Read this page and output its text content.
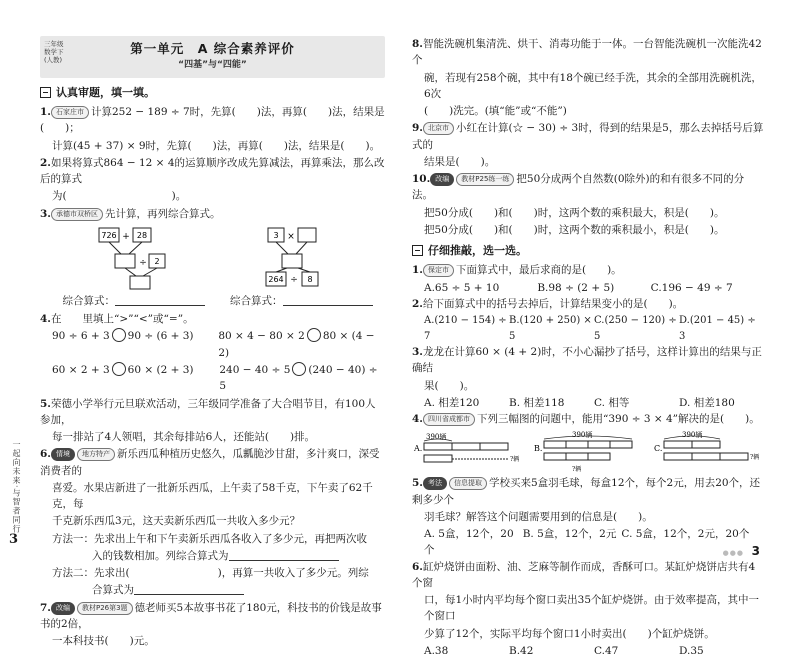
一起向未来·与智者同行
3
三年级
数学下
(人教)
第一单元　A 综合素养评价
“四基”与“四能”
认真审题，填一填。
1. 石家庄市 计算252 − 189 ÷ 7时，先算(　　)法，再算(　　)法，结果是(　　)；
计算(45 + 37) × 9时，先算(　　)法，再算(　　)法，结果是(　　)。
2.如果将算式864 − 12 × 4的运算顺序改成先算减法，再算乘法，那么改后的算式
为(　　　　　　　　　　)。
3. 承德市双桥区 先计算，再列综合算式。
726 + 28
÷ 2
3 ×
264 ÷ 8
综合算式：	综合算式：
4.在　　里填上“>”“<”或“=”。
90 ÷ 6 + 3 90 ÷ (6 + 3)	80 × 4 − 80 × 2 80 × (4 − 2)
60 × 2 + 3 60 × (2 + 3)	240 − 40 ÷ 5 (240 − 40) ÷ 5
5.荣德小学举行元旦联欢活动，三年级同学准备了大合唱节目，有100人参加，
每一排站了4人领唱，其余每排站6人，还能站(　　)排。
6. 情境 地方特产 新乐西瓜种植历史悠久，瓜瓤脆沙甘甜，多汁爽口，深受消费者的
喜爱。水果店新进了一批新乐西瓜，上午卖了58千克，下午卖了62千克，每
千克新乐西瓜3元，这天卖新乐西瓜一共收入多少元？
方法一：先求出上午和下午卖新乐西瓜各收入了多少元，再把两次收
入的钱数相加。列综合算式为
方法二：先求出(	)，再算一共收入了多少元。列综
合算式为
7. 改编 教材P26第3题 德老师买5本故事书花了180元，科技书的价钱是故事书的2倍，
一本科技书(　　)元。
8.智能洗碗机集清洗、烘干、消毒功能于一体。一台智能洗碗机一次能洗42个
碗，若现有258个碗，其中有18个碗已经手洗，其余的全部用洗碗机洗，6次
(　　)洗完。(填“能”或“不能”)
9. 北京市 小红在计算(☆ − 30) ÷ 3时，得到的结果是5，那么去掉括号后算式的
结果是(　　)。
10. 改编 教材P25练一练 把50分成两个自然数(0除外)的和有很多不同的分法。
把50分成(　　)和(　　)时，这两个数的乘积最大，积是(　　)。
把50分成(　　)和(　　)时，这两个数的乘积最小，积是(　　)。
仔细推敲，选一选。
1. 保定市 下面算式中，最后求商的是(　　)。
A.65 ÷ 5 + 10	B.98 ÷ (2 + 5)	C.196 − 49 ÷ 7
2.给下面算式中的括号去掉后，计算结果变小的是(　　)。
A.(210 − 154) ÷ 7
B.(120 + 250) × 5
C.(250 − 120) ÷ 5
D.(201 − 45) ÷ 3
3.龙龙在计算60 × (4 + 2)时，不小心漏抄了括号，这样计算出的结果与正确结
果(　　)。
A. 相差120	B. 相差118	C. 相等	D. 相差180
4. 四川省成都市 下列三幅图的问题中，能用“390 ÷ 3 × 4”解决的是(　　)。
A.
390辆
?辆
B.
390辆
?辆
C.
390辆
?辆
5. 考法 信息提取 学校买来5盒羽毛球，每盒12个，每个2元，用去20个，还剩多少个
羽毛球？解答这个问题需要用到的信息是(　　)。
A. 5盒，12个，20个
B. 5盒，12个，2元 C. 5盒，12个，2元，20个
6.缸炉烧饼由面粉、油、芝麻等制作而成，香酥可口。某缸炉烧饼店共有4个窗
口，每1小时内平均每个窗口卖出35个缸炉烧饼。由于效率提高，其中一个窗口
少算了12个，实际平均每个窗口1小时卖出(　　)个缸炉烧饼。
A.38	B.42	C.47	D.35
●●● 3
